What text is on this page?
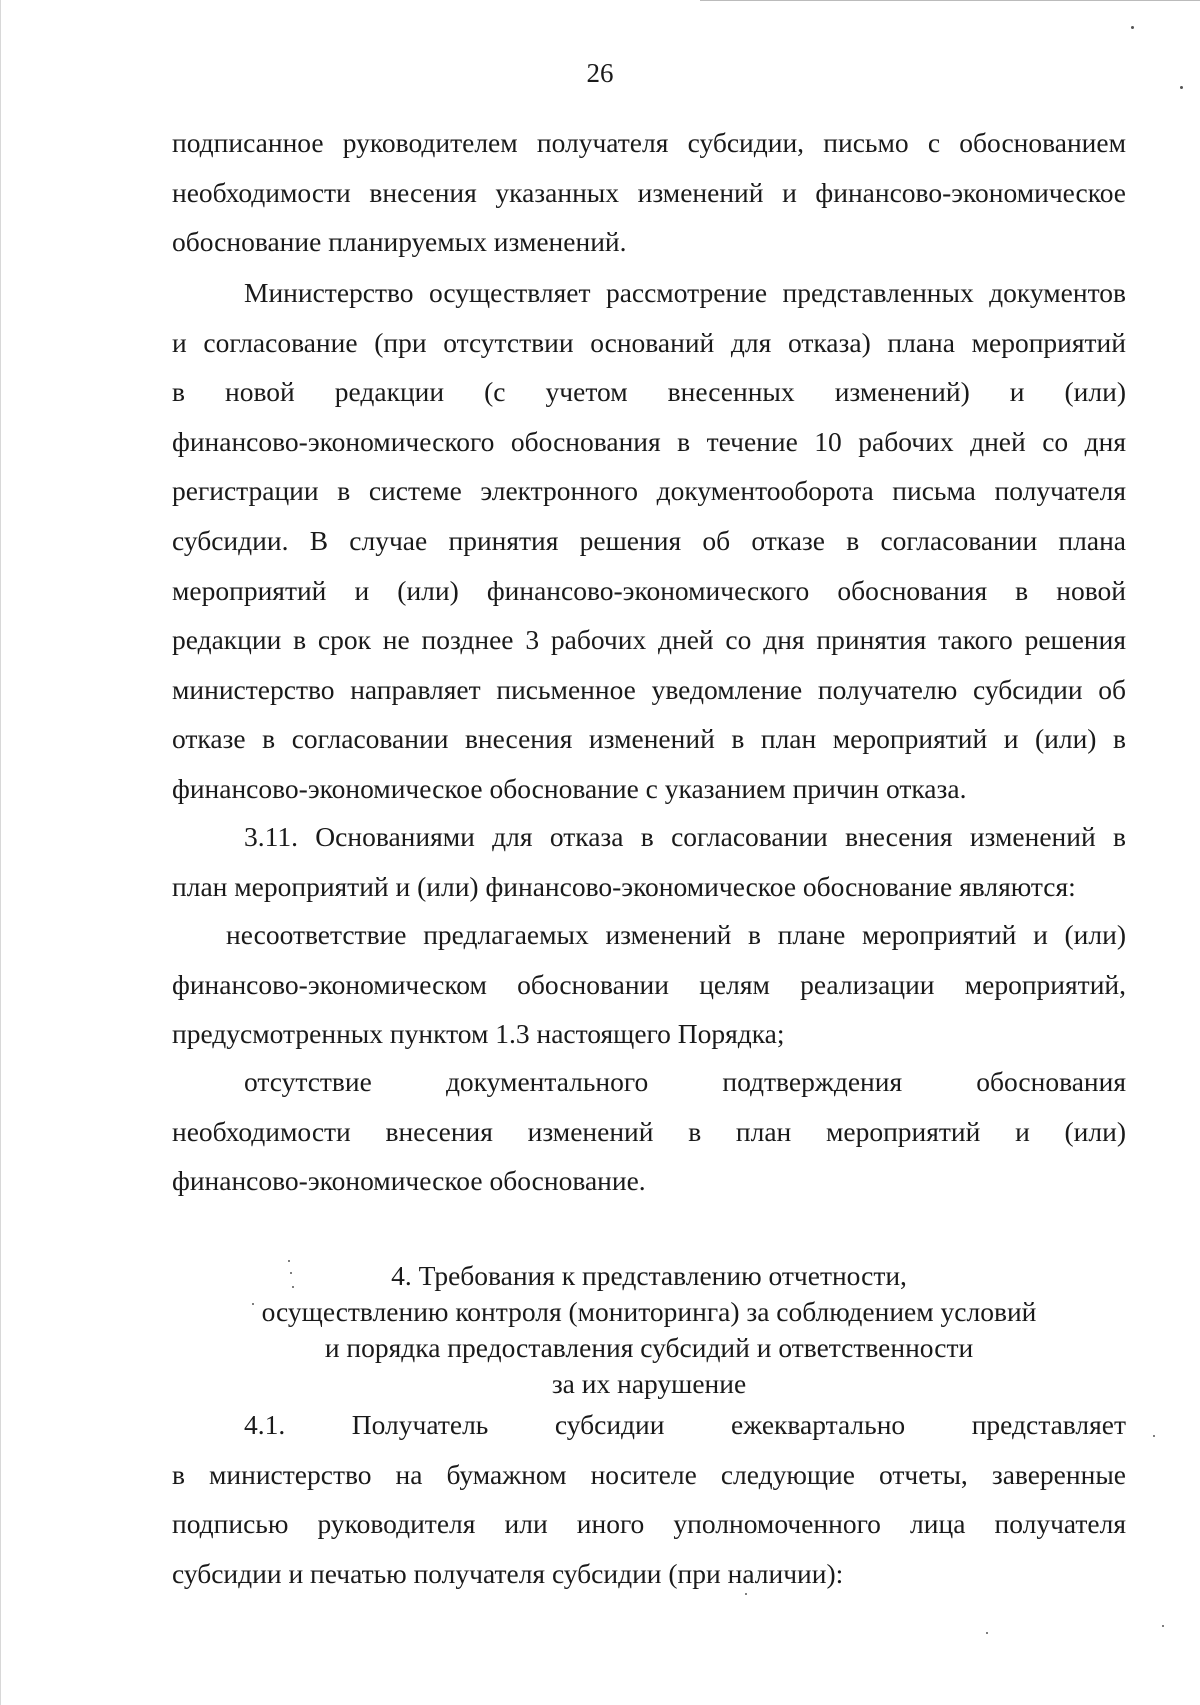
26
подписанное руководителем получателя субсидии, письмо с обоснованием
необходимости внесения указанных изменений и финансово-экономическое
обоснование планируемых изменений.
Министерство осуществляет рассмотрение представленных документов
и согласование (при отсутствии оснований для отказа) плана мероприятий
в новой редакции (с учетом внесенных изменений) и (или)
финансово-экономического обоснования в течение 10 рабочих дней со дня
регистрации в системе электронного документооборота письма получателя
субсидии. В случае принятия решения об отказе в согласовании плана
мероприятий и (или) финансово-экономического обоснования в новой
редакции в срок не позднее 3 рабочих дней со дня принятия такого решения
министерство направляет письменное уведомление получателю субсидии об
отказе в согласовании внесения изменений в план мероприятий и (или) в
финансово-экономическое обоснование с указанием причин отказа.
3.11. Основаниями для отказа в согласовании внесения изменений в
план мероприятий и (или) финансово-экономическое обоснование являются:
несоответствие предлагаемых изменений в плане мероприятий и (или)
финансово-экономическом обосновании целям реализации мероприятий,
предусмотренных пунктом 1.3 настоящего Порядка;
отсутствие документального подтверждения обоснования
необходимости внесения изменений в план мероприятий и (или)
финансово-экономическое обоснование.
4. Требования к представлению отчетности,
осуществлению контроля (мониторинга) за соблюдением условий
и порядка предоставления субсидий и ответственности
за их нарушение
4.1. Получатель субсидии ежеквартально представляет
в министерство на бумажном носителе следующие отчеты, заверенные
подписью руководителя или иного уполномоченного лица получателя
субсидии и печатью получателя субсидии (при наличии):
